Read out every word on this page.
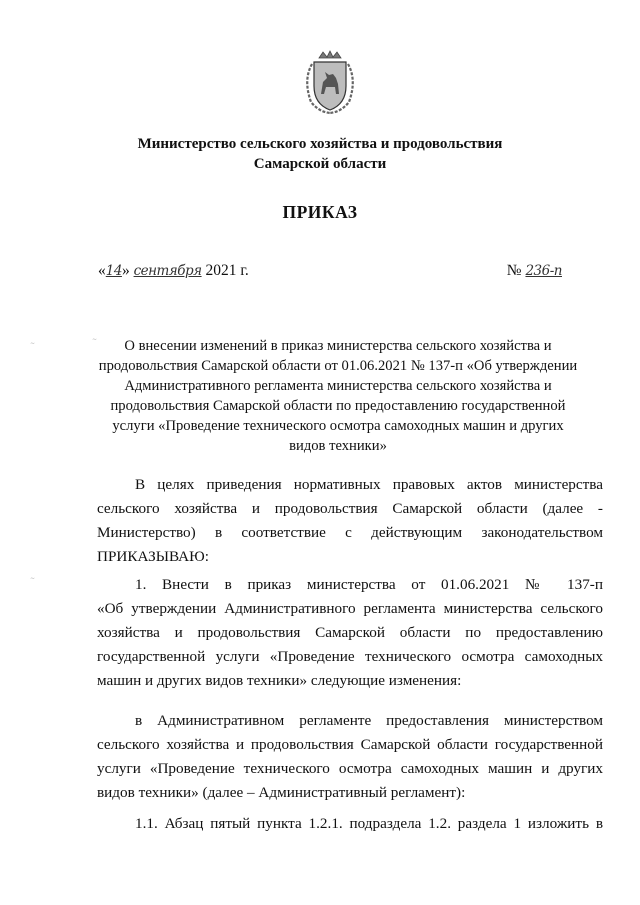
Министерство сельского хозяйства и продовольствия
Самарской области
ПРИКАЗ
«14» сентября 2021 г.	№ 236-п
О внесении изменений в приказ министерства сельского хозяйства и
продовольствия Самарской области от 01.06.2021 № 137-п «Об утверждении
Административного регламента министерства сельского хозяйства и
продовольствия Самарской области по предоставлению государственной
услуги «Проведение технического осмотра самоходных машин и других
видов техники»
В целях приведения нормативных правовых актов министерства
сельского хозяйства и продовольствия Самарской области (далее -
Министерство) в соответствие с действующим законодательством
ПРИКАЗЫВАЮ:
1. Внести в приказ министерства от 01.06.2021 № 137-п
«Об утверждении Административного регламента министерства сельского
хозяйства и продовольствия Самарской области по предоставлению
государственной услуги «Проведение технического осмотра самоходных
машин и других видов техники» следующие изменения:
в Административном регламенте предоставления министерством
сельского хозяйства и продовольствия Самарской области государственной
услуги «Проведение технического осмотра самоходных машин и других
видов техники» (далее – Административный регламент):
1.1. Абзац пятый пункта 1.2.1. подраздела 1.2. раздела 1 изложить в
∼
∼
∼
